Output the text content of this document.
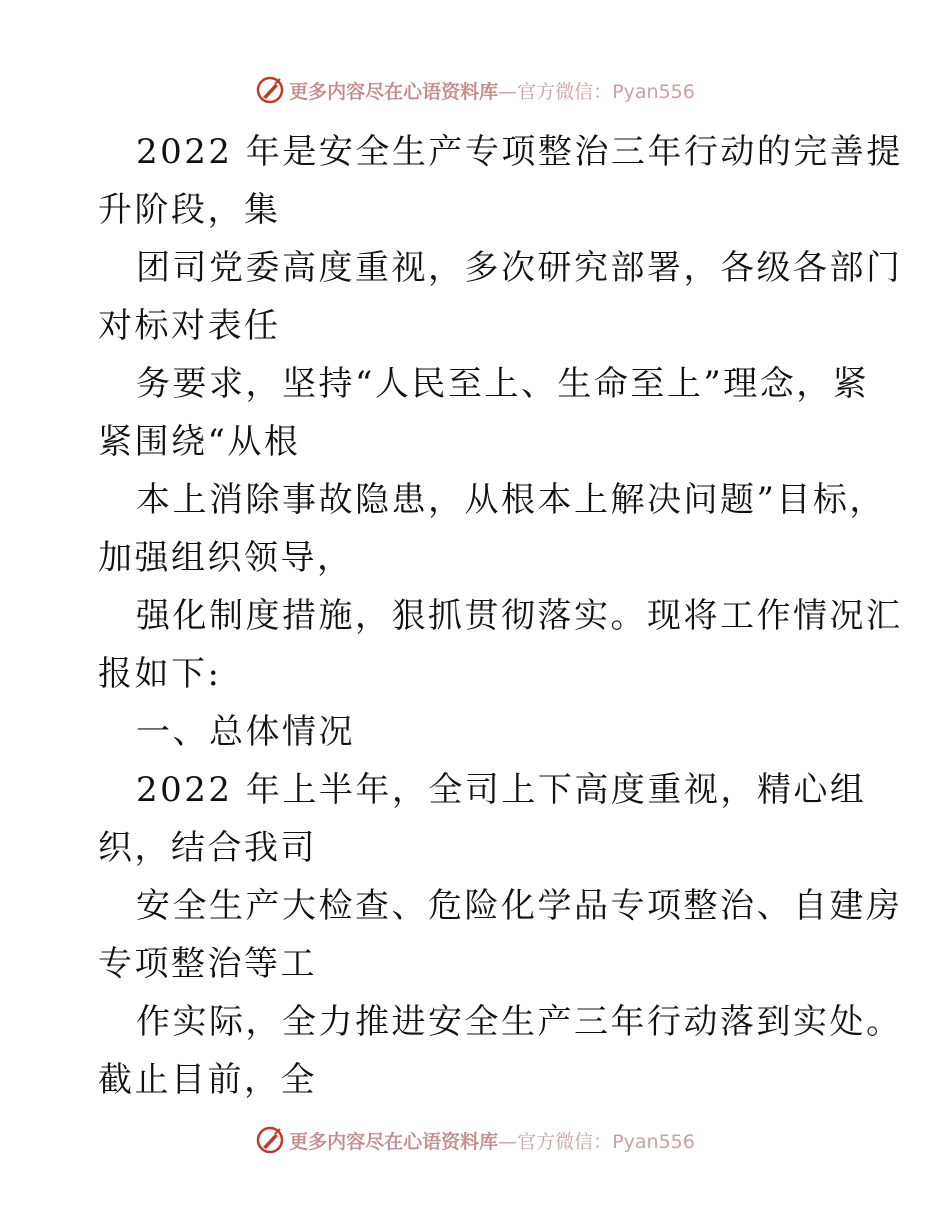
更多内容尽在心语资料库—官方微信：Pyan556
2022 年是安全生产专项整治三年行动的完善提
升阶段，集
团司党委高度重视，多次研究部署，各级各部门
对标对表任
务要求，坚持“人民至上、生命至上”理念，紧
紧围绕“从根
本上消除事故隐患，从根本上解决问题”目标，
加强组织领导，
强化制度措施，狠抓贯彻落实。现将工作情况汇
报如下:
一、总体情况
2022 年上半年，全司上下高度重视，精心组
织，结合我司
安全生产大检查、危险化学品专项整治、自建房
专项整治等工
作实际，全力推进安全生产三年行动落到实处。
截止目前，全
更多内容尽在心语资料库—官方微信：Pyan556
